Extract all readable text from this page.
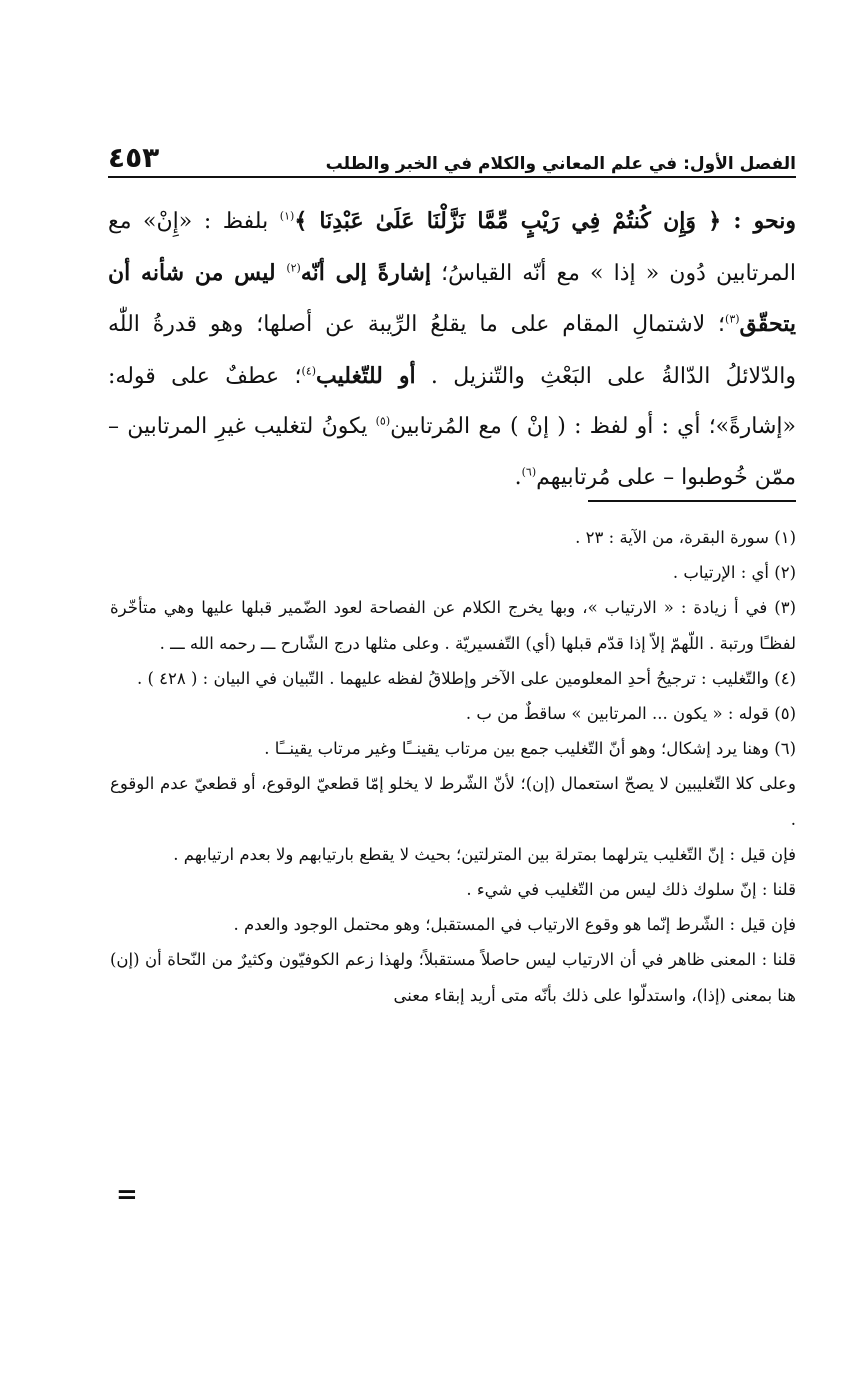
الفصل الأول: في علم المعاني والكلام في الخبر والطلب
٤٥٣

ونحو : ﴿ وَإِن كُنتُمْ فِي رَيْبٍ مِّمَّا نَزَّلْنَا عَلَىٰ عَبْدِنَا ﴾$^{(١)}$ بلفظ : «إِنْ» مع المرتابين دُون « إذا » مع أنّه القياسُ؛ إشارةً إلى أنّه$^{(٢)}$ ليس من شأنه أن يتحقّق$^{(٣)}$؛ لاشتمالِ المقام على ما يقلعُ الرِّيبة عن أصلها؛ وهو قدرةُ اللّٰه والدّلائلُ الدّالةُ على البَعْثِ والتّنزيل . أو للتّغليب$^{(٤)}$؛ عطفٌ على قوله: «إشارةً»؛ أي : أو لفظ : ( إنْ ) مع المُرتابين$^{(٥)}$ يكونُ لتغليب غيرِ المرتابين – ممّن خُوطبوا – على مُرتابيهم$^{(٦)}$.

(١) سورة البقرة، من الآية : ٢٣ .

(٢) أي : الإرتياب .

(٣) في أ زيادة : « الارتياب »، وبها يخرج الكلام عن الفصاحة لعود الضّمير قبلها عليها وهي متأخّرة لفظـًا ورتبة . اللّهمّ إلاّ إذا قدّم قبلها (أي) التّفسيريّة . وعلى مثلها درج الشّارح ـــ رحمه الله ـــ .

(٤) والتّغليب : ترجيحُ أحدِ المعلومين على الآخر وإطلاقُ لفظه عليهما . التّبيان في البيان : ( ٤٢٨ ) .

(٥) قوله : « يكون ... المرتابين » ساقطٌ من ب .

(٦) وهنا يرد إشكال؛ وهو أنّ التّغليب جمع بين مرتاب يقينــًا وغير مرتاب يقينــًا .

وعلى كلا التّغليبين لا يصحّ استعمال (إن)؛ لأنّ الشّرط لا يخلو إمّا قطعيّ الوقوع، أو قطعيّ عدم الوقوع .

فإن قيل : إنّ التّغليب يترلهما بمترلة بين المترلتين؛ بحيث لا يقطع بارتيابهم ولا بعدم ارتيابهم .

قلنا : إنّ سلوك ذلك ليس من التّغليب في شيء .

فإن قيل : الشّرط إنّما هو وقوع الارتياب في المستقبل؛ وهو محتمل الوجود والعدم .

قلنا : المعنى ظاهر في أن الارتياب ليس حاصلاً مستقبلاً؛ ولهذا زعم الكوفيّون وكثيرٌ من النّحاة أن (إن) هنا بمعنى (إذا)، واستدلّوا على ذلك بأنّه متى أريد إبقاء معنى

=
